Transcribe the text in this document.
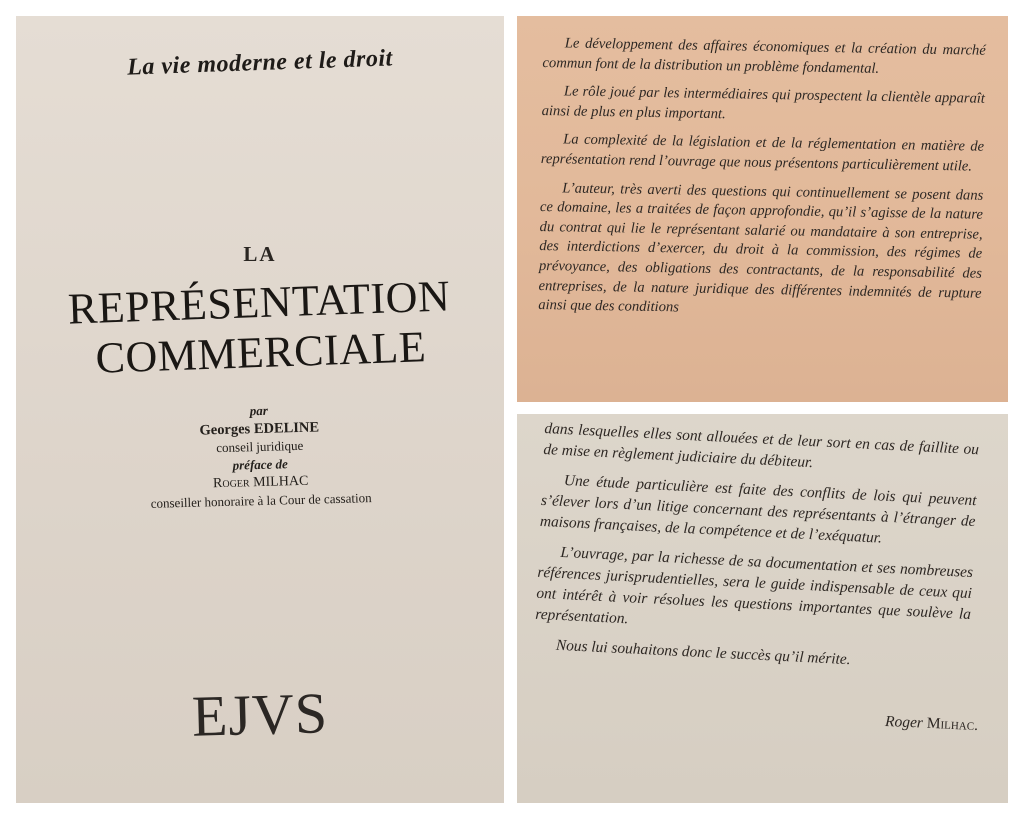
La vie moderne et le droit
LA
REPRÉSENTATION
COMMERCIALE
par
Georges EDELINE
conseil juridique
préface de
Roger MILHAC
conseiller honoraire à la Cour de cassation
EJVS

Le développement des affaires économiques et la création du marché commun font de la distribution un problème fondamental.

Le rôle joué par les intermédiaires qui prospectent la clientèle apparaît ainsi de plus en plus important.

La complexité de la législation et de la réglementation en matière de représentation rend l’ouvrage que nous présentons particulièrement utile.

L’auteur, très averti des questions qui continuellement se posent dans ce domaine, les a traitées de façon approfondie, qu’il s’agisse de la nature du contrat qui lie le représentant salarié ou mandataire à son entreprise, des interdictions d’exercer, du droit à la commission, des régimes de prévoyance, des obligations des contractants, de la responsabilité des entreprises, de la nature juridique des différentes indemnités de rupture ainsi que des conditions

dans lesquelles elles sont allouées et de leur sort en cas de faillite ou de mise en règlement judiciaire du débiteur.

Une étude particulière est faite des conflits de lois qui peuvent s’élever lors d’un litige concernant des représentants à l’étranger de maisons françaises, de la compétence et de l’exéquatur.

L’ouvrage, par la richesse de sa documentation et ses nombreuses références jurisprudentielles, sera le guide indispensable de ceux qui ont intérêt à voir résolues les questions importantes que soulève la représentation.

Nous lui souhaitons donc le succès qu’il mérite.

Roger Milhac.
